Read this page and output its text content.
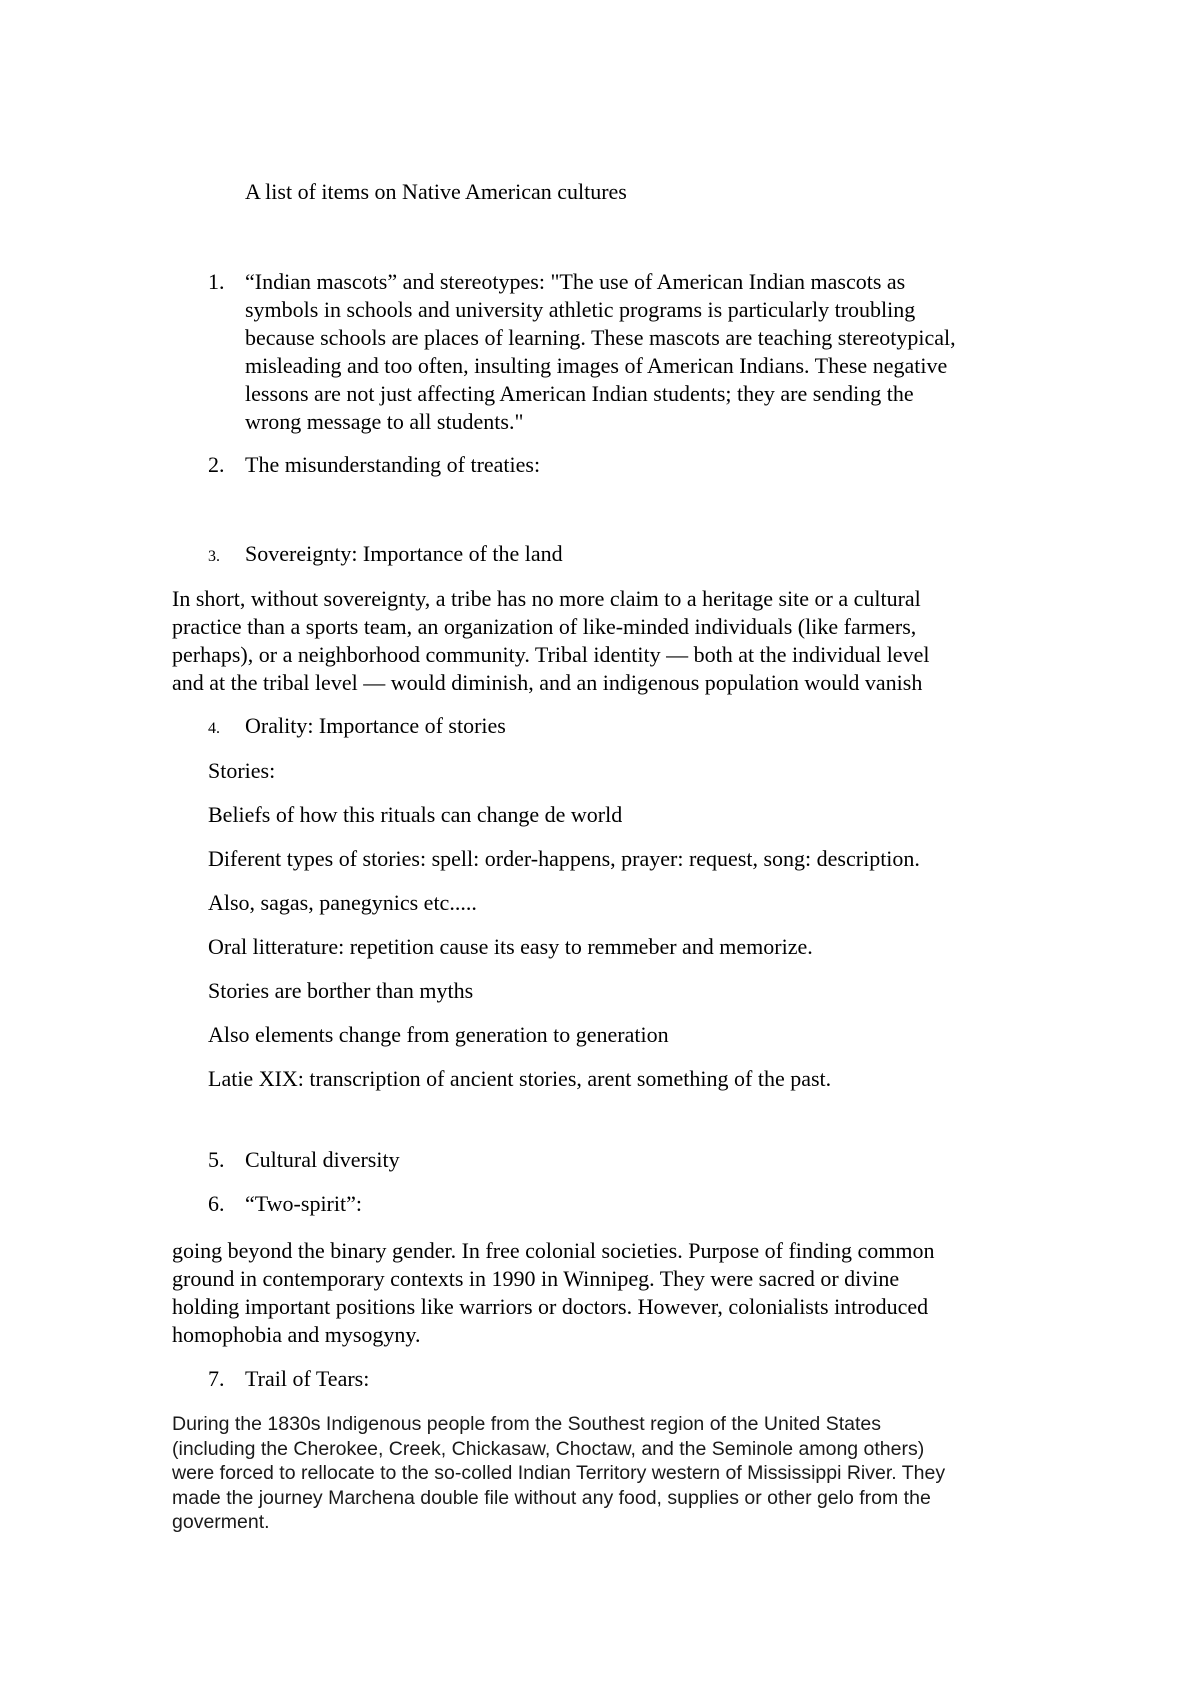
A list of items on Native American cultures
1. “Indian mascots” and stereotypes: "The use of American Indian mascots as
symbols in schools and university athletic programs is particularly troubling
because schools are places of learning. These mascots are teaching stereotypical,
misleading and too often, insulting images of American Indians. These negative
lessons are not just affecting American Indian students; they are sending the
wrong message to all students."
2. The misunderstanding of treaties:
3.	Sovereignty: Importance of the land
In short, without sovereignty, a tribe has no more claim to a heritage site or a cultural
practice than a sports team, an organization of like-minded individuals (like farmers,
perhaps), or a neighborhood community. Tribal identity — both at the individual level
and at the tribal level — would diminish, and an indigenous population would vanish
4.	Orality: Importance of stories
Stories:
Beliefs of how this rituals can change de world
Diferent types of stories: spell: order-happens, prayer: request, song: description.
Also, sagas, panegynics etc.....
Oral litterature: repetition cause its easy to remmeber and memorize.
Stories are borther than myths
Also elements change from generation to generation
Latie XIX: transcription of ancient stories, arent something of the past.
5. Cultural diversity
6. “Two-spirit”:
going beyond the binary gender. In free colonial societies. Purpose of finding common
ground in contemporary contexts in 1990 in Winnipeg. They were sacred or divine
holding important positions like warriors or doctors. However, colonialists introduced
homophobia and mysogyny.
7. Trail of Tears:
During the 1830s Indigenous people from the Southest region of the United States
(including the Cherokee, Creek, Chickasaw, Choctaw, and the Seminole among others)
were forced to rellocate to the so-colled Indian Territory western of Mississippi River. They
made the journey Marchena double file without any food, supplies or other gelo from the
goverment.
